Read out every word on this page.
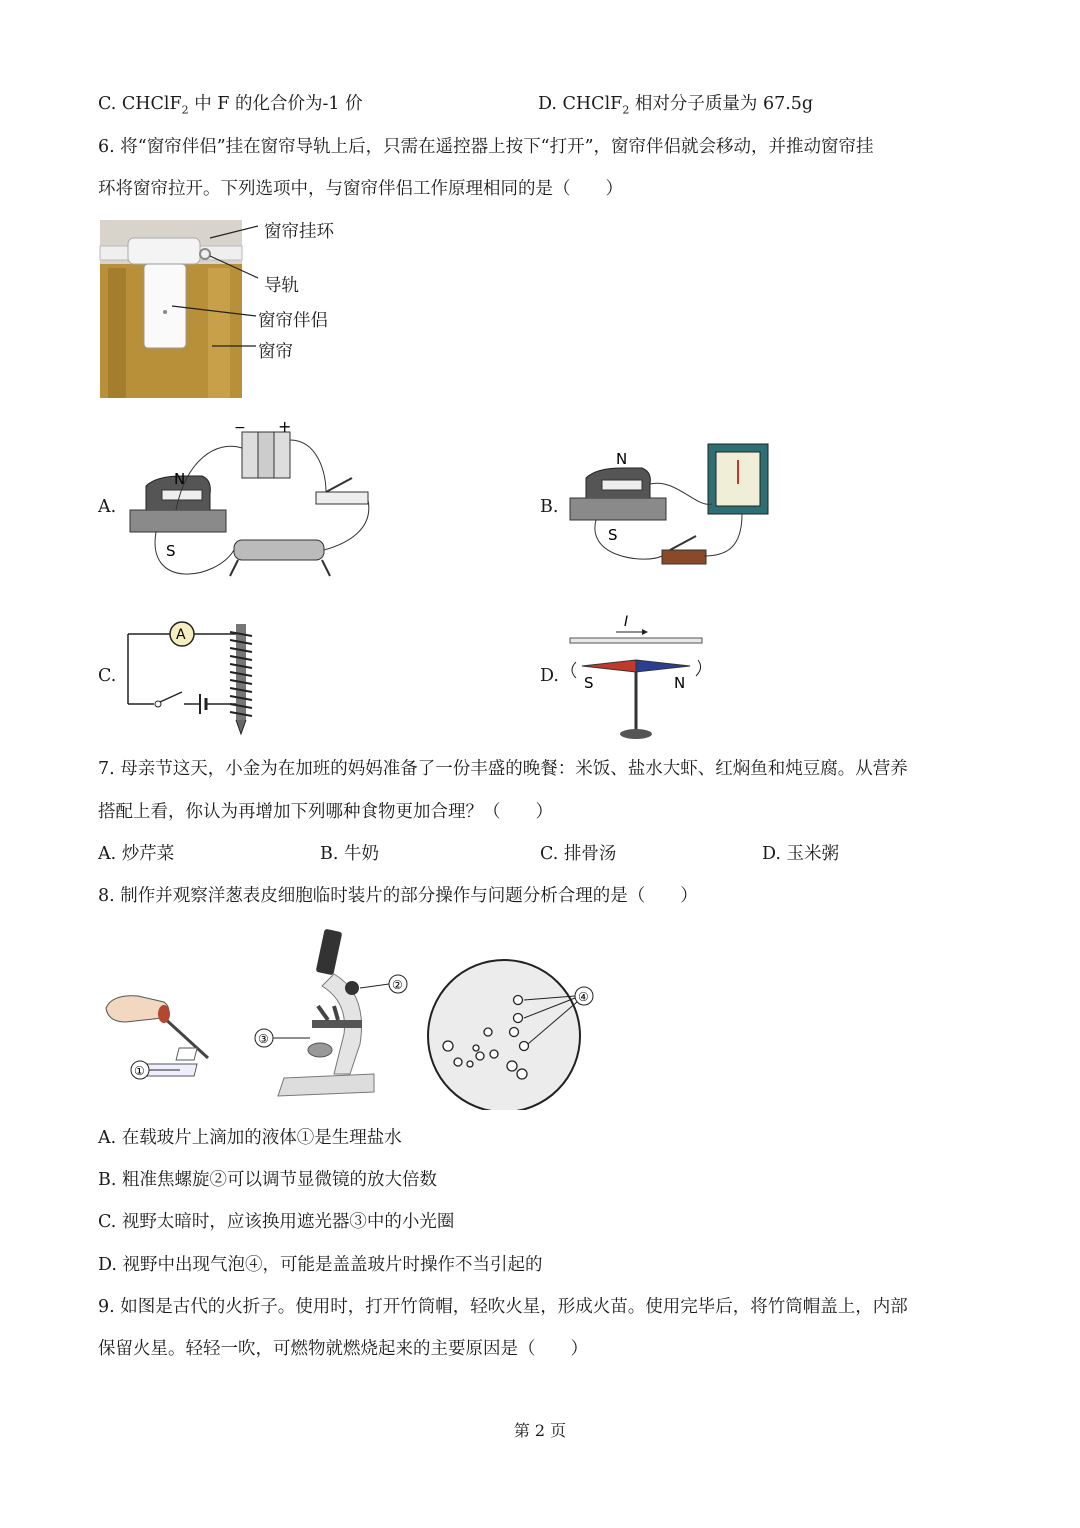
C. CHClF$_2$ 中 F 的化合价为-1 价	D. CHClF$_2$ 相对分子质量为 67.5g
6. 将“窗帘伴侣”挂在窗帘导轨上后，只需在遥控器上按下“打开”，窗帘伴侣就会移动，并推动窗帘挂
环将窗帘拉开。下列选项中，与窗帘伴侣工作原理相同的是（　　）
窗帘挂环
导轨
窗帘伴侣
窗帘
A.
N
S
− +
B.
N
S
C.
A
D.
I
S	N
7. 母亲节这天，小金为在加班的妈妈准备了一份丰盛的晚餐：米饭、盐水大虾、红焖鱼和炖豆腐。从营养
搭配上看，你认为再增加下列哪种食物更加合理？（　　）
A. 炒芹菜	B. 牛奶	C. 排骨汤	D. 玉米粥
8. 制作并观察洋葱表皮细胞临时装片的部分操作与问题分析合理的是（　　）
①
②
③
④
A. 在载玻片上滴加的液体①是生理盐水
B. 粗准焦螺旋②可以调节显微镜的放大倍数
C. 视野太暗时，应该换用遮光器③中的小光圈
D. 视野中出现气泡④，可能是盖盖玻片时操作不当引起的
9. 如图是古代的火折子。使用时，打开竹筒帽，轻吹火星，形成火苗。使用完毕后，将竹筒帽盖上，内部
保留火星。轻轻一吹，可燃物就燃烧起来的主要原因是（　　）
第 2 页
